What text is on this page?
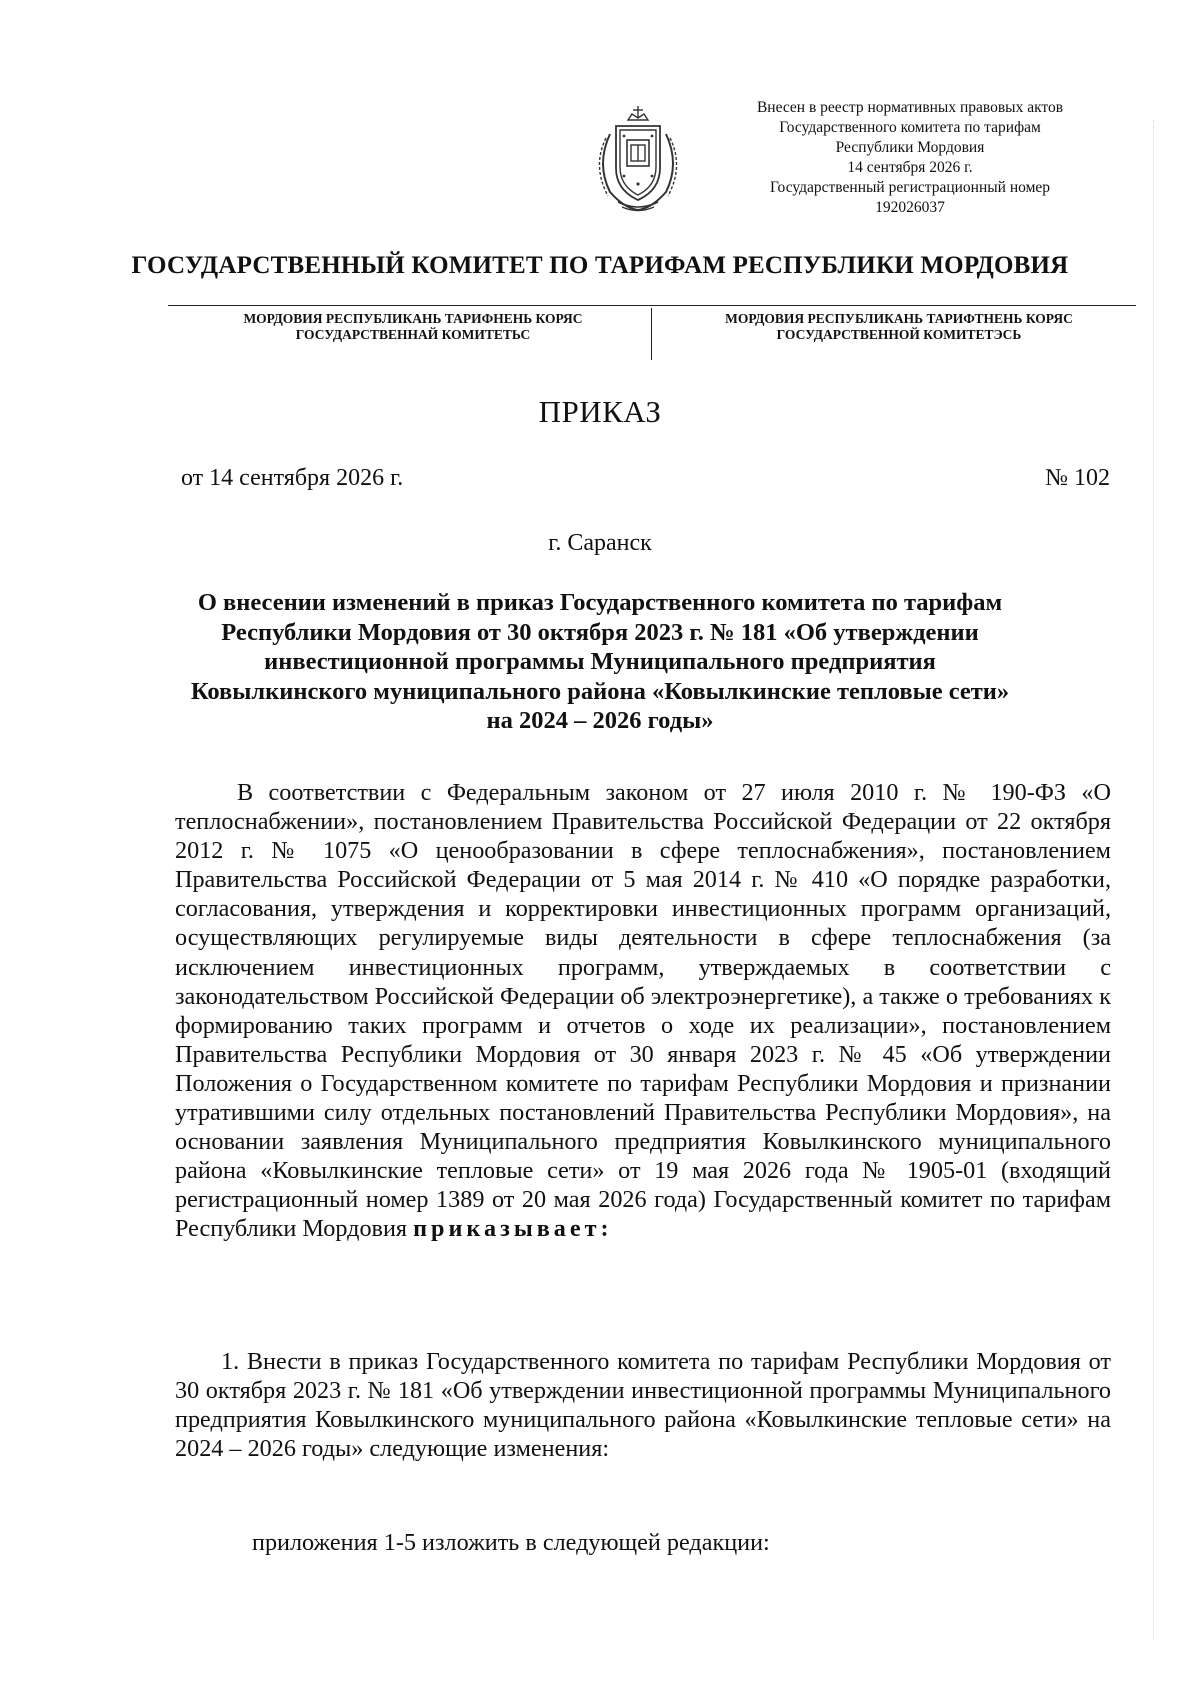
Внесен в реестр нормативных правовых актов
Государственного комитета по тарифам
Республики Мордовия
14 сентября 2026 г.
Государственный регистрационный номер
192026037
ГОСУДАРСТВЕННЫЙ КОМИТЕТ ПО ТАРИФАМ РЕСПУБЛИКИ МОРДОВИЯ
МОРДОВИЯ РЕСПУБЛИКАНЬ ТАРИФНЕНЬ КОРЯС
ГОСУДАРСТВЕННАЙ КОМИТЕТЬС
МОРДОВИЯ РЕСПУБЛИКАНЬ ТАРИФТНЕНЬ КОРЯС
ГОСУДАРСТВЕННОЙ КОМИТЕТЭСЬ
ПРИКАЗ
от 14 сентября 2026 г.	№ 102
г. Саранск
О внесении изменений в приказ Государственного комитета по тарифам
Республики Мордовия от 30 октября 2023 г. № 181 «Об утверждении
инвестиционной программы Муниципального предприятия
Ковылкинского муниципального района «Ковылкинские тепловые сети»
на 2024 – 2026 годы»
В соответствии с Федеральным законом от 27 июля 2010 г. № 190-ФЗ «О теплоснабжении», постановлением Правительства Российской Федерации от 22 октября 2012 г. № 1075 «О ценообразовании в сфере теплоснабжения», постановлением Правительства Российской Федерации от 5 мая 2014 г. № 410 «О порядке разработки, согласования, утверждения и корректировки инвестиционных программ организаций, осуществляющих регулируемые виды деятельности в сфере теплоснабжения (за исключением инвестиционных программ, утверждаемых в соответствии с законодательством Российской Федерации об электроэнергетике), а также о требованиях к формированию таких программ и отчетов о ходе их реализации», постановлением Правительства Республики Мордовия от 30 января 2023 г. № 45 «Об утверждении Положения о Государственном комитете по тарифам Республики Мордовия и признании утратившими силу отдельных постановлений Правительства Республики Мордовия», на основании заявления Муниципального предприятия Ковылкинского муниципального района «Ковылкинские тепловые сети» от 19 мая 2026 года № 1905-01 (входящий регистрационный номер 1389 от 20 мая 2026 года) Государственный комитет по тарифам Республики Мордовия приказывает:
1. Внести в приказ Государственного комитета по тарифам Республики Мордовия от 30 октября 2023 г. № 181 «Об утверждении инвестиционной программы Муниципального предприятия Ковылкинского муниципального района «Ковылкинские тепловые сети» на 2024 – 2026 годы» следующие изменения:
приложения 1-5 изложить в следующей редакции:
